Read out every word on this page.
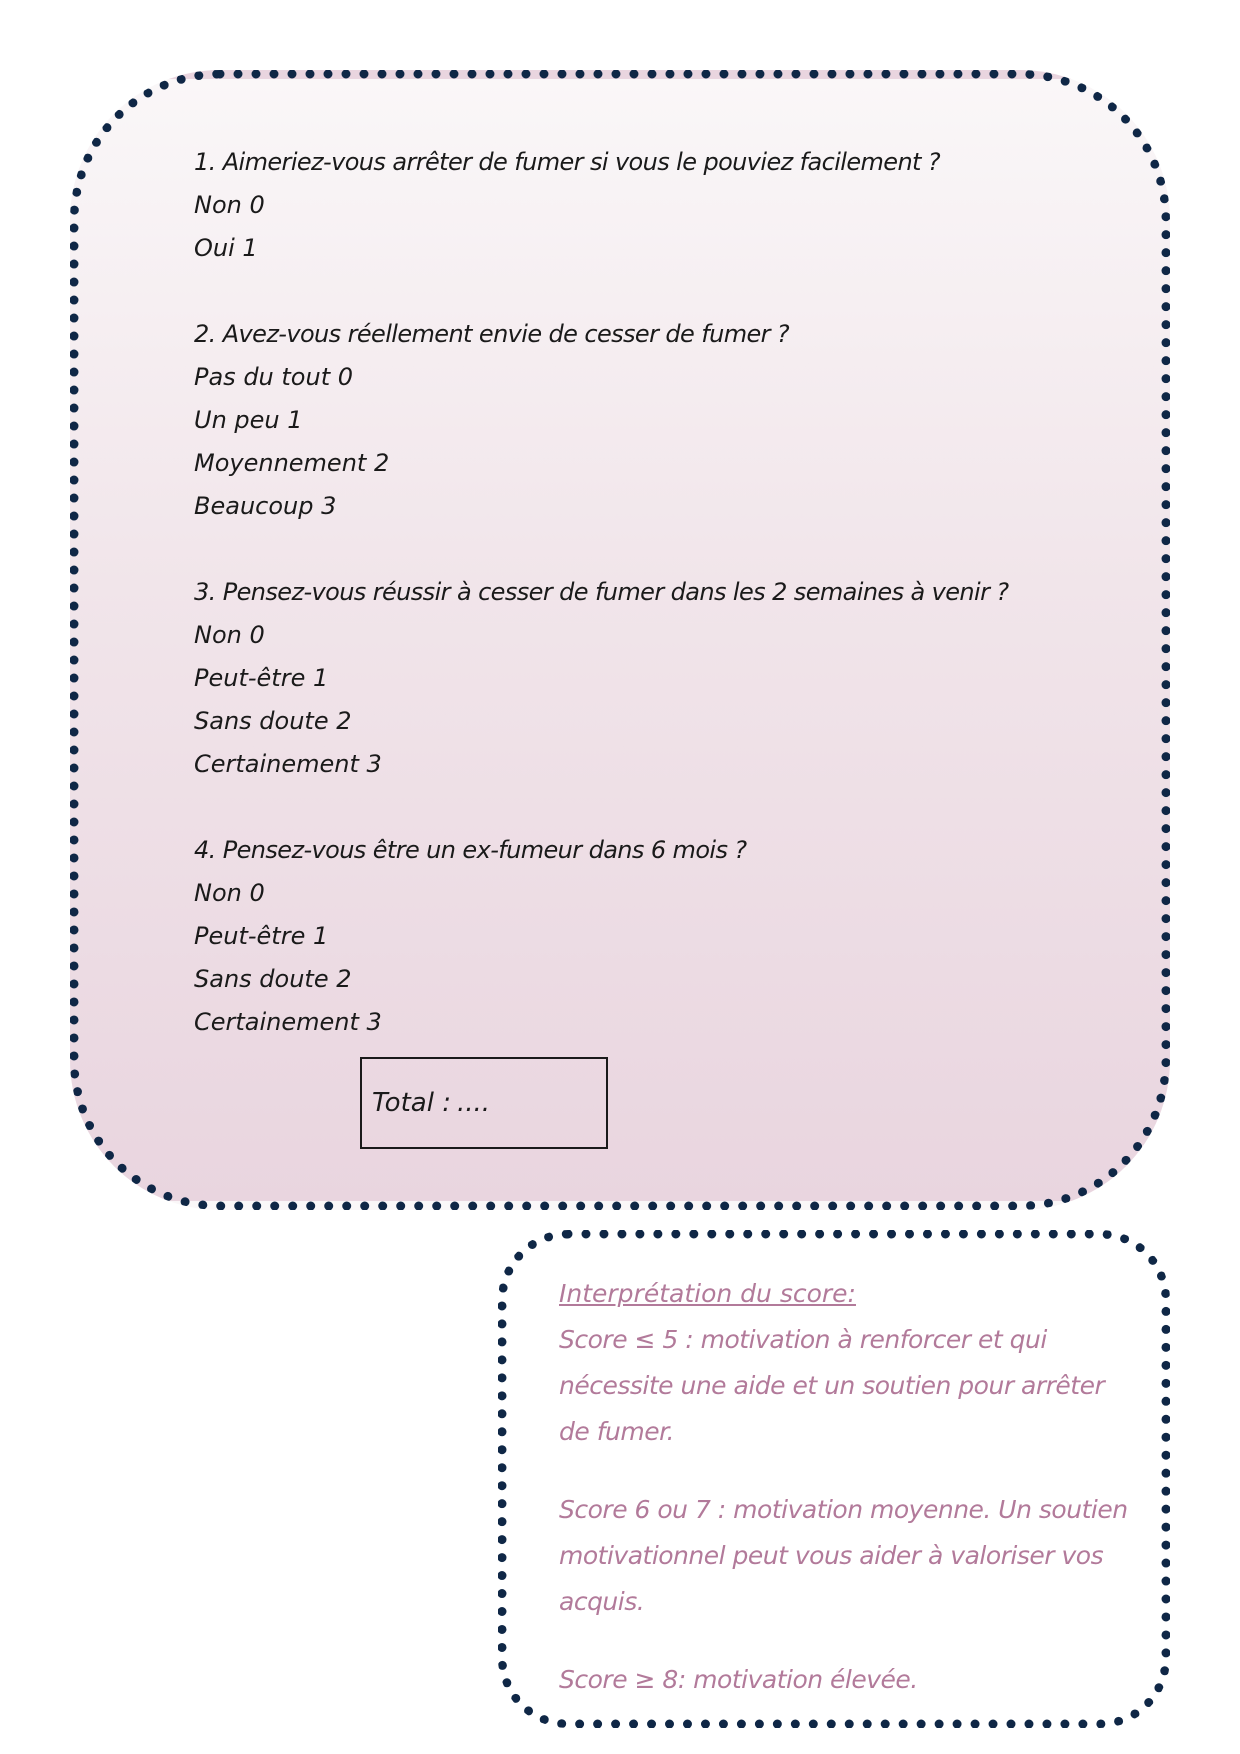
1. Aimeriez-vous arrêter de fumer si vous le pouviez facilement ?
Non 0
Oui 1
2. Avez-vous réellement envie de cesser de fumer ?
Pas du tout 0
Un peu 1
Moyennement 2
Beaucoup 3
3. Pensez-vous réussir à cesser de fumer dans les 2 semaines à venir ?
Non 0
Peut-être 1
Sans doute 2
Certainement 3
4. Pensez-vous être un ex-fumeur dans 6 mois ?
Non 0
Peut-être 1
Sans doute 2
Certainement 3
Total : ....

Interprétation du score:

Score ≤ 5 : motivation à renforcer et qui nécessite une aide et un soutien pour arrêter de fumer.

Score 6 ou 7 : motivation moyenne. Un soutien motivationnel peut vous aider à valoriser vos acquis.

Score ≥ 8: motivation élevée.
